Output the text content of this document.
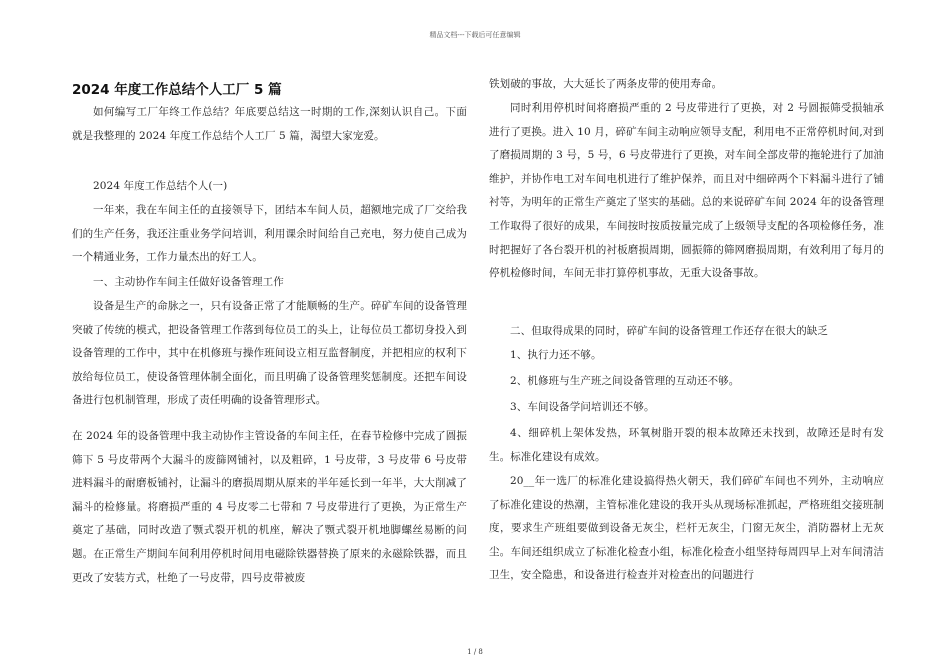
精品文档---下载后可任意编辑
2024 年度工作总结个人工厂 5 篇
如何编写工厂年终工作总结？年底要总结这一时期的工作,深刻认识自己。下面就是我整理的 2024 年度工作总结个人工厂 5 篇，渴望大家宠爱。
2024 年度工作总结个人(一)
一年来，我在车间主任的直接领导下，团结本车间人员，超额地完成了厂交给我们的生产任务，我还注重业务学问培训，利用课余时间给自己充电，努力使自己成为一个精通业务，工作力量杰出的好工人。
一、主动协作车间主任做好设备管理工作
设备是生产的命脉之一，只有设备正常了才能顺畅的生产。碎矿车间的设备管理突破了传统的模式，把设备管理工作落到每位员工的头上，让每位员工都切身投入到设备管理的工作中，其中在机修班与操作班间设立相互监督制度，并把相应的权利下放给每位员工，使设备管理体制全面化，而且明确了设备管理奖惩制度。还把车间设备进行包机制管理，形成了责任明确的设备管理形式。
在 2024 年的设备管理中我主动协作主管设备的车间主任，在春节检修中完成了圆振筛下 5 号皮带两个大漏斗的废篩网铺衬，以及粗碎，1 号皮带，3 号皮带 6 号皮带进料漏斗的耐磨板铺衬，让漏斗的磨损周期从原来的半年延长到一年半，大大削减了漏斗的检修量。将磨损严重的 4 号皮零二七带和 7 号皮带进行了更换，为正常生产奠定了基础，同时改造了颚式裂开机的机座，解决了颚式裂开机地脚螺丝易断的问题。在正常生产期间车间利用停机时间用电磁除铁器替换了原来的永磁除铁器，而且更改了安装方式，杜绝了一号皮带，四号皮带被废
铁划破的事故，大大延长了两条皮带的使用寿命。
同时利用停机时间将磨损严重的 2 号皮带进行了更换，对 2 号圆振筛受损轴承进行了更换。进入 10 月，碎矿车间主动响应领导支配，利用电不正常停机时间,对到了磨损周期的 3 号，5 号，6 号皮带进行了更换，对车间全部皮带的拖轮进行了加油维护，并协作电工对车间电机进行了维护保养，而且对中细碎两个下料漏斗进行了铺衬等，为明年的正常生产奠定了坚实的基础。总的来说碎矿车间 2024 年的设备管理工作取得了很好的成果，车间按时按质按量完成了上级领导支配的各项检修任务，准时把握好了各台裂开机的衬板磨损周期，圆振筛的筛网磨损周期，有效利用了每月的停机检修时间，车间无非打算停机事故，无重大设备事故。
二、但取得成果的同时，碎矿车间的设备管理工作还存在很大的缺乏
1、执行力还不够。
2、机修班与生产班之间设备管理的互动还不够。
3、车间设备学问培训还不够。
4、细碎机上架体发热，环氧树脂开裂的根本故障还未找到，故障还是时有发生。标准化建设有成效。
20__年一选厂的标准化建设搞得热火朝天，我们碎矿车间也不列外，主动响应了标准化建设的热潮，主管标准化建设的我开头从现场标准抓起，严格班组交接班制度，要求生产班组要做到设备无灰尘，栏杆无灰尘，门窗无灰尘，消防器材上无灰尘。车间还组织成立了标准化检查小组，标准化检查小组坚持每周四早上对车间清洁卫生，安全隐患，和设备进行检查并对检查出的问题进行
1 / 8
